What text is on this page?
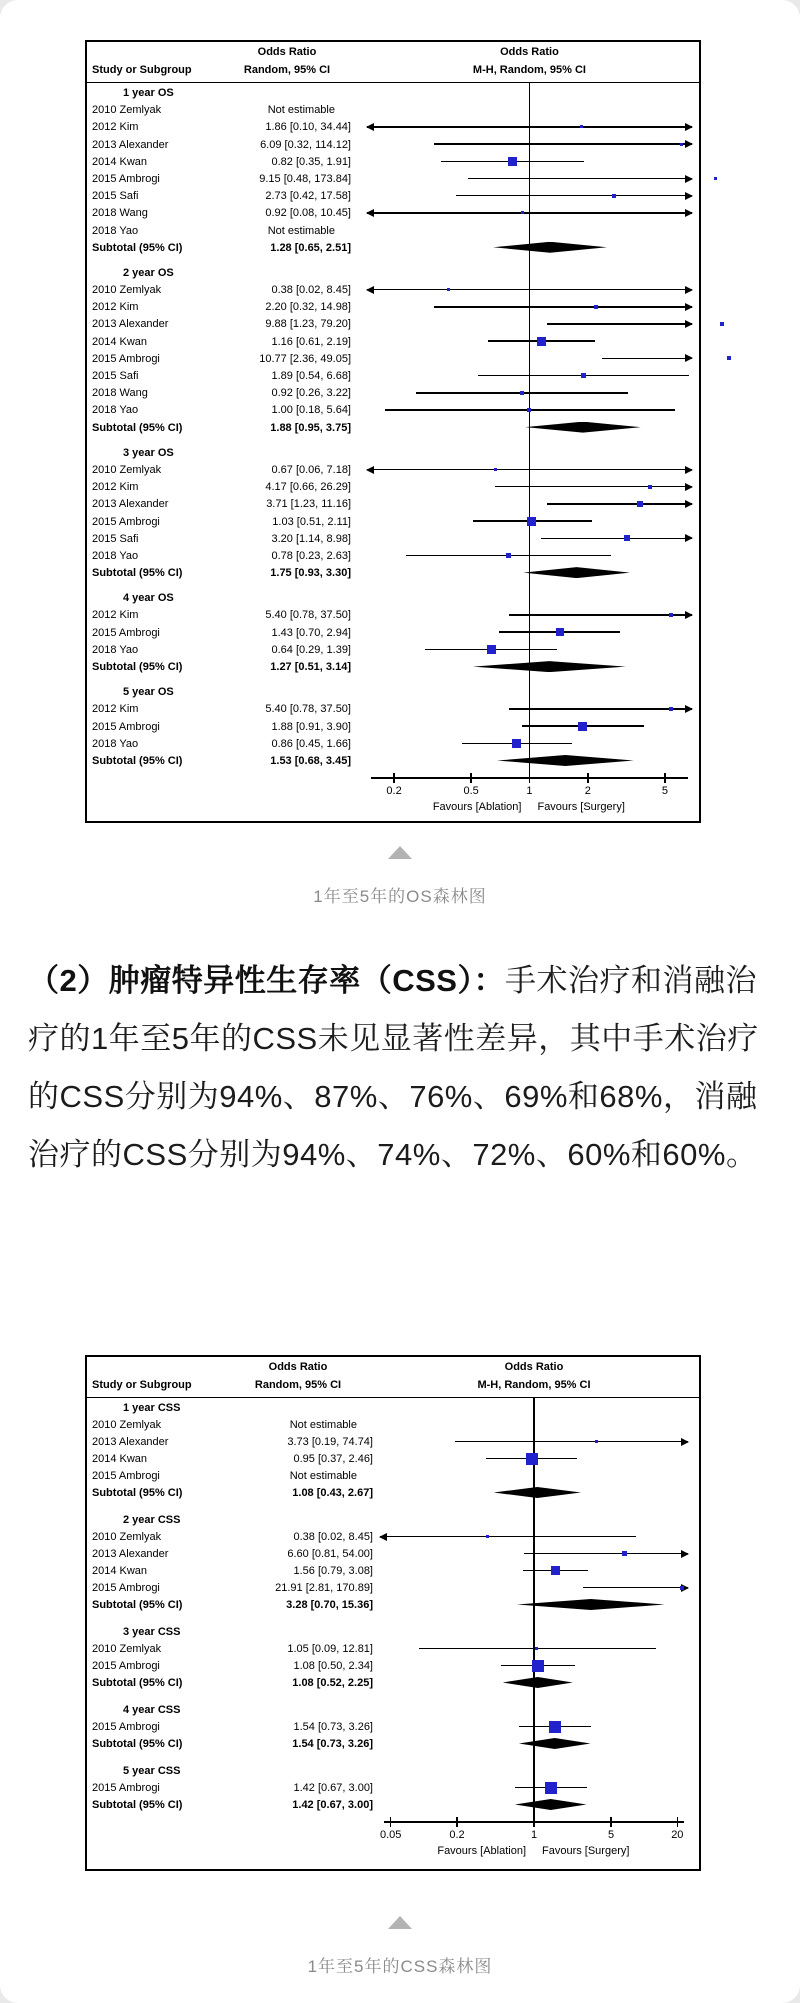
Odds Ratio	Odds Ratio
Study or Subgroup	Random, 95% CI	M-H, Random, 95% CI
1 year OS
2010 Zemlyak	Not estimable
2012 Kim	1.86 [0.10, 34.44]
2013 Alexander	6.09 [0.32, 114.12]
2014 Kwan	0.82 [0.35, 1.91]
2015 Ambrogi	9.15 [0.48, 173.84]
2015 Safi	2.73 [0.42, 17.58]
2018 Wang	0.92 [0.08, 10.45]
2018 Yao	Not estimable
Subtotal (95% CI)	1.28 [0.65, 2.51]
2 year OS
2010 Zemlyak	0.38 [0.02, 8.45]
2012 Kim	2.20 [0.32, 14.98]
2013 Alexander	9.88 [1.23, 79.20]
2014 Kwan	1.16 [0.61, 2.19]
2015 Ambrogi	10.77 [2.36, 49.05]
2015 Safi	1.89 [0.54, 6.68]
2018 Wang	0.92 [0.26, 3.22]
2018 Yao	1.00 [0.18, 5.64]
Subtotal (95% CI)	1.88 [0.95, 3.75]
3 year OS
2010 Zemlyak	0.67 [0.06, 7.18]
2012 Kim	4.17 [0.66, 26.29]
2013 Alexander	3.71 [1.23, 11.16]
2015 Ambrogi	1.03 [0.51, 2.11]
2015 Safi	3.20 [1.14, 8.98]
2018 Yao	0.78 [0.23, 2.63]
Subtotal (95% CI)	1.75 [0.93, 3.30]
4 year OS
2012 Kim	5.40 [0.78, 37.50]
2015 Ambrogi	1.43 [0.70, 2.94]
2018 Yao	0.64 [0.29, 1.39]
Subtotal (95% CI)	1.27 [0.51, 3.14]
5 year OS
2012 Kim	5.40 [0.78, 37.50]
2015 Ambrogi	1.88 [0.91, 3.90]
2018 Yao	0.86 [0.45, 1.66]
Subtotal (95% CI)	1.53 [0.68, 3.45]
0.2	0.5	1	2	5
Favours [Ablation] Favours [Surgery]
1年至5年的OS森林图
（2）肿瘤特异性生存率（CSS）：手术治疗和消融治疗的1年至5年的CSS未见显著性差异，其中手术治疗的CSS分别为94%、87%、76%、69%和68%，消融治疗的CSS分别为94%、74%、72%、60%和60%。
Odds Ratio	Odds Ratio
Study or Subgroup	Random, 95% CI	M-H, Random, 95% CI
1 year CSS
2010 Zemlyak	Not estimable
2013 Alexander	3.73 [0.19, 74.74]
2014 Kwan	0.95 [0.37, 2.46]
2015 Ambrogi	Not estimable
Subtotal (95% CI)	1.08 [0.43, 2.67]
2 year CSS
2010 Zemlyak	0.38 [0.02, 8.45]
2013 Alexander	6.60 [0.81, 54.00]
2014 Kwan	1.56 [0.79, 3.08]
2015 Ambrogi	21.91 [2.81, 170.89]
Subtotal (95% CI)	3.28 [0.70, 15.36]
3 year CSS
2010 Zemlyak	1.05 [0.09, 12.81]
2015 Ambrogi	1.08 [0.50, 2.34]
Subtotal (95% CI)	1.08 [0.52, 2.25]
4 year CSS
2015 Ambrogi	1.54 [0.73, 3.26]
Subtotal (95% CI)	1.54 [0.73, 3.26]
5 year CSS
2015 Ambrogi	1.42 [0.67, 3.00]
Subtotal (95% CI)	1.42 [0.67, 3.00]
0.05	0.2	1	5	20
Favours [Ablation] Favours [Surgery]
1年至5年的CSS森林图
